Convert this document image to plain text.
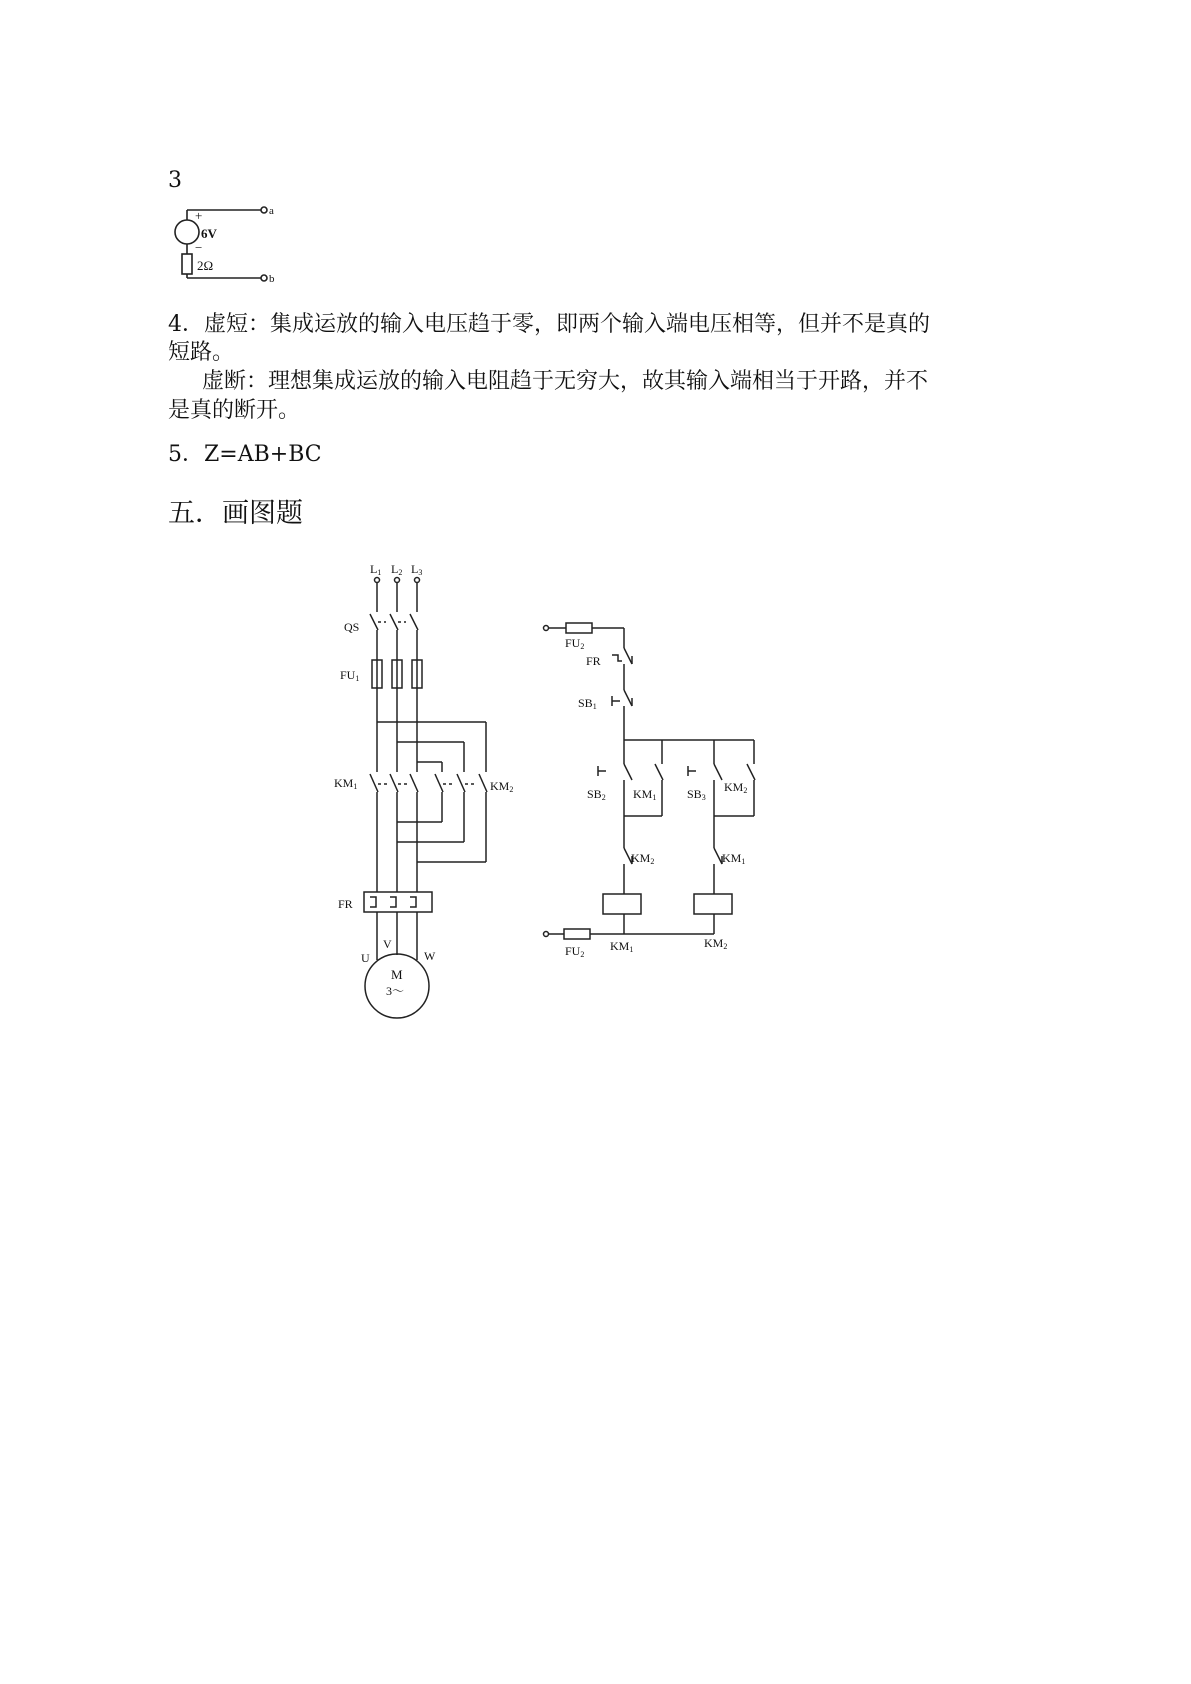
3
+
6V
−
2Ω
a
b
4．虚短：集成运放的输入电压趋于零，即两个输入端电压相等，但并不是真的
短路。
虚断：理想集成运放的输入电阻趋于无穷大，故其输入端相当于开路，并不
是真的断开。
5．Z=AB+BC
五．画图题
L1 L2 L3
QS
FU1
KM1	KM2
FR
U
V
W
M
3～
FU2
FR
SB1
SB2 KM1	SB3
KM2
KM2	KM1
FU2
KM1	KM2
